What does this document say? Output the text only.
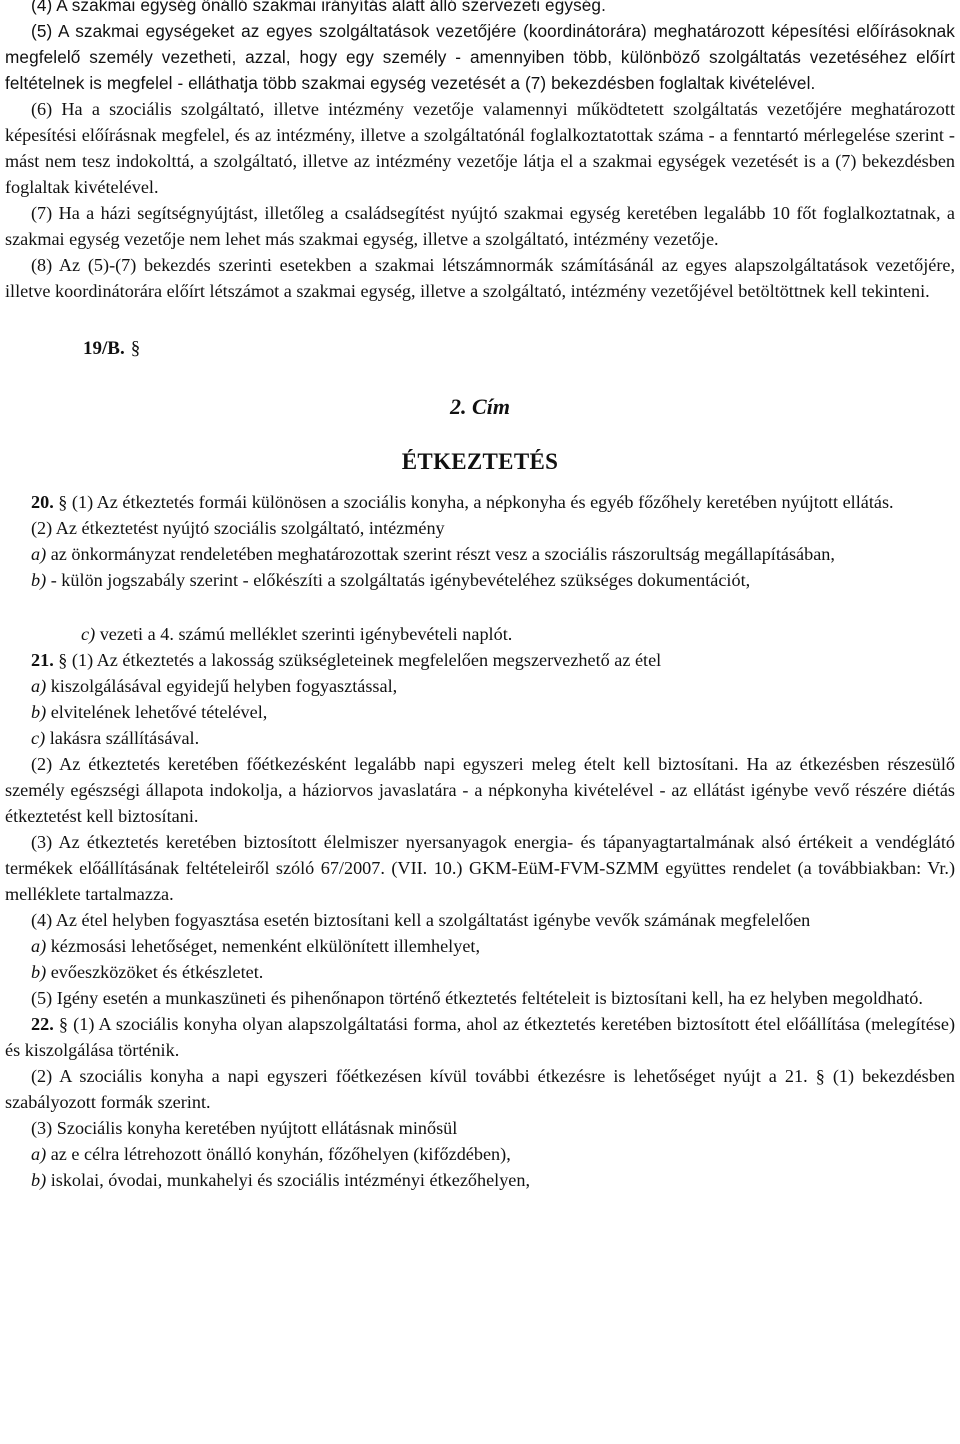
(4) A szakmai egység önálló szakmai irányítás alatt álló szervezeti egység.

(5) A szakmai egységeket az egyes szolgáltatások vezetőjére (koordinátorára) meghatározott képesítési előírásoknak megfelelő személy vezetheti, azzal, hogy egy személy - amennyiben több, különböző szolgáltatás vezetéséhez előírt feltételnek is megfelel - elláthatja több szakmai egység vezetését a (7) bekezdésben foglaltak kivételével.

(6) Ha a szociális szolgáltató, illetve intézmény vezetője valamennyi működtetett szolgáltatás vezetőjére meghatározott képesítési előírásnak megfelel, és az intézmény, illetve a szolgáltatónál foglalkoztatottak száma - a fenntartó mérlegelése szerint - mást nem tesz indokolttá, a szolgáltató, illetve az intézmény vezetője látja el a szakmai egységek vezetését is a (7) bekezdésben foglaltak kivételével.

(7) Ha a házi segítségnyújtást, illetőleg a családsegítést nyújtó szakmai egység keretében legalább 10 főt foglalkoztatnak, a szakmai egység vezetője nem lehet más szakmai egység, illetve a szolgáltató, intézmény vezetője.

(8) Az (5)-(7) bekezdés szerinti esetekben a szakmai létszámnormák számításánál az egyes alapszolgáltatások vezetőjére, illetve koordinátorára előírt létszámot a szakmai egység, illetve a szolgáltató, intézmény vezetőjével betöltöttnek kell tekinteni.

19/B. §

2. Cím

ÉTKEZTETÉS

20. § (1) Az étkeztetés formái különösen a szociális konyha, a népkonyha és egyéb főzőhely keretében nyújtott ellátás.

(2) Az étkeztetést nyújtó szociális szolgáltató, intézmény

a) az önkormányzat rendeletében meghatározottak szerint részt vesz a szociális rászorultság megállapításában,

b) - külön jogszabály szerint - előkészíti a szolgáltatás igénybevételéhez szükséges dokumentációt,

c) vezeti a 4. számú melléklet szerinti igénybevételi naplót.

21. § (1) Az étkeztetés a lakosság szükségleteinek megfelelően megszervezhető az étel

a) kiszolgálásával egyidejű helyben fogyasztással,

b) elvitelének lehetővé tételével,

c) lakásra szállításával.

(2) Az étkeztetés keretében főétkezésként legalább napi egyszeri meleg ételt kell biztosítani. Ha az étkezésben részesülő személy egészségi állapota indokolja, a háziorvos javaslatára - a népkonyha kivételével - az ellátást igénybe vevő részére diétás étkeztetést kell biztosítani.

(3) Az étkeztetés keretében biztosított élelmiszer nyersanyagok energia- és tápanyagtartalmának alsó értékeit a vendéglátó termékek előállításának feltételeiről szóló 67/2007. (VII. 10.) GKM-EüM-FVM-SZMM együttes rendelet (a továbbiakban: Vr.) melléklete tartalmazza.

(4) Az étel helyben fogyasztása esetén biztosítani kell a szolgáltatást igénybe vevők számának megfelelően

a) kézmosási lehetőséget, nemenként elkülönített illemhelyet,

b) evőeszközöket és étkészletet.

(5) Igény esetén a munkaszüneti és pihenőnapon történő étkeztetés feltételeit is biztosítani kell, ha ez helyben megoldható.

22. § (1) A szociális konyha olyan alapszolgáltatási forma, ahol az étkeztetés keretében biztosított étel előállítása (melegítése) és kiszolgálása történik.

(2) A szociális konyha a napi egyszeri főétkezésen kívül további étkezésre is lehetőséget nyújt a 21. § (1) bekezdésben szabályozott formák szerint.

(3) Szociális konyha keretében nyújtott ellátásnak minősül

a) az e célra létrehozott önálló konyhán, főzőhelyen (kifőzdében),

b) iskolai, óvodai, munkahelyi és szociális intézményi étkezőhelyen,
